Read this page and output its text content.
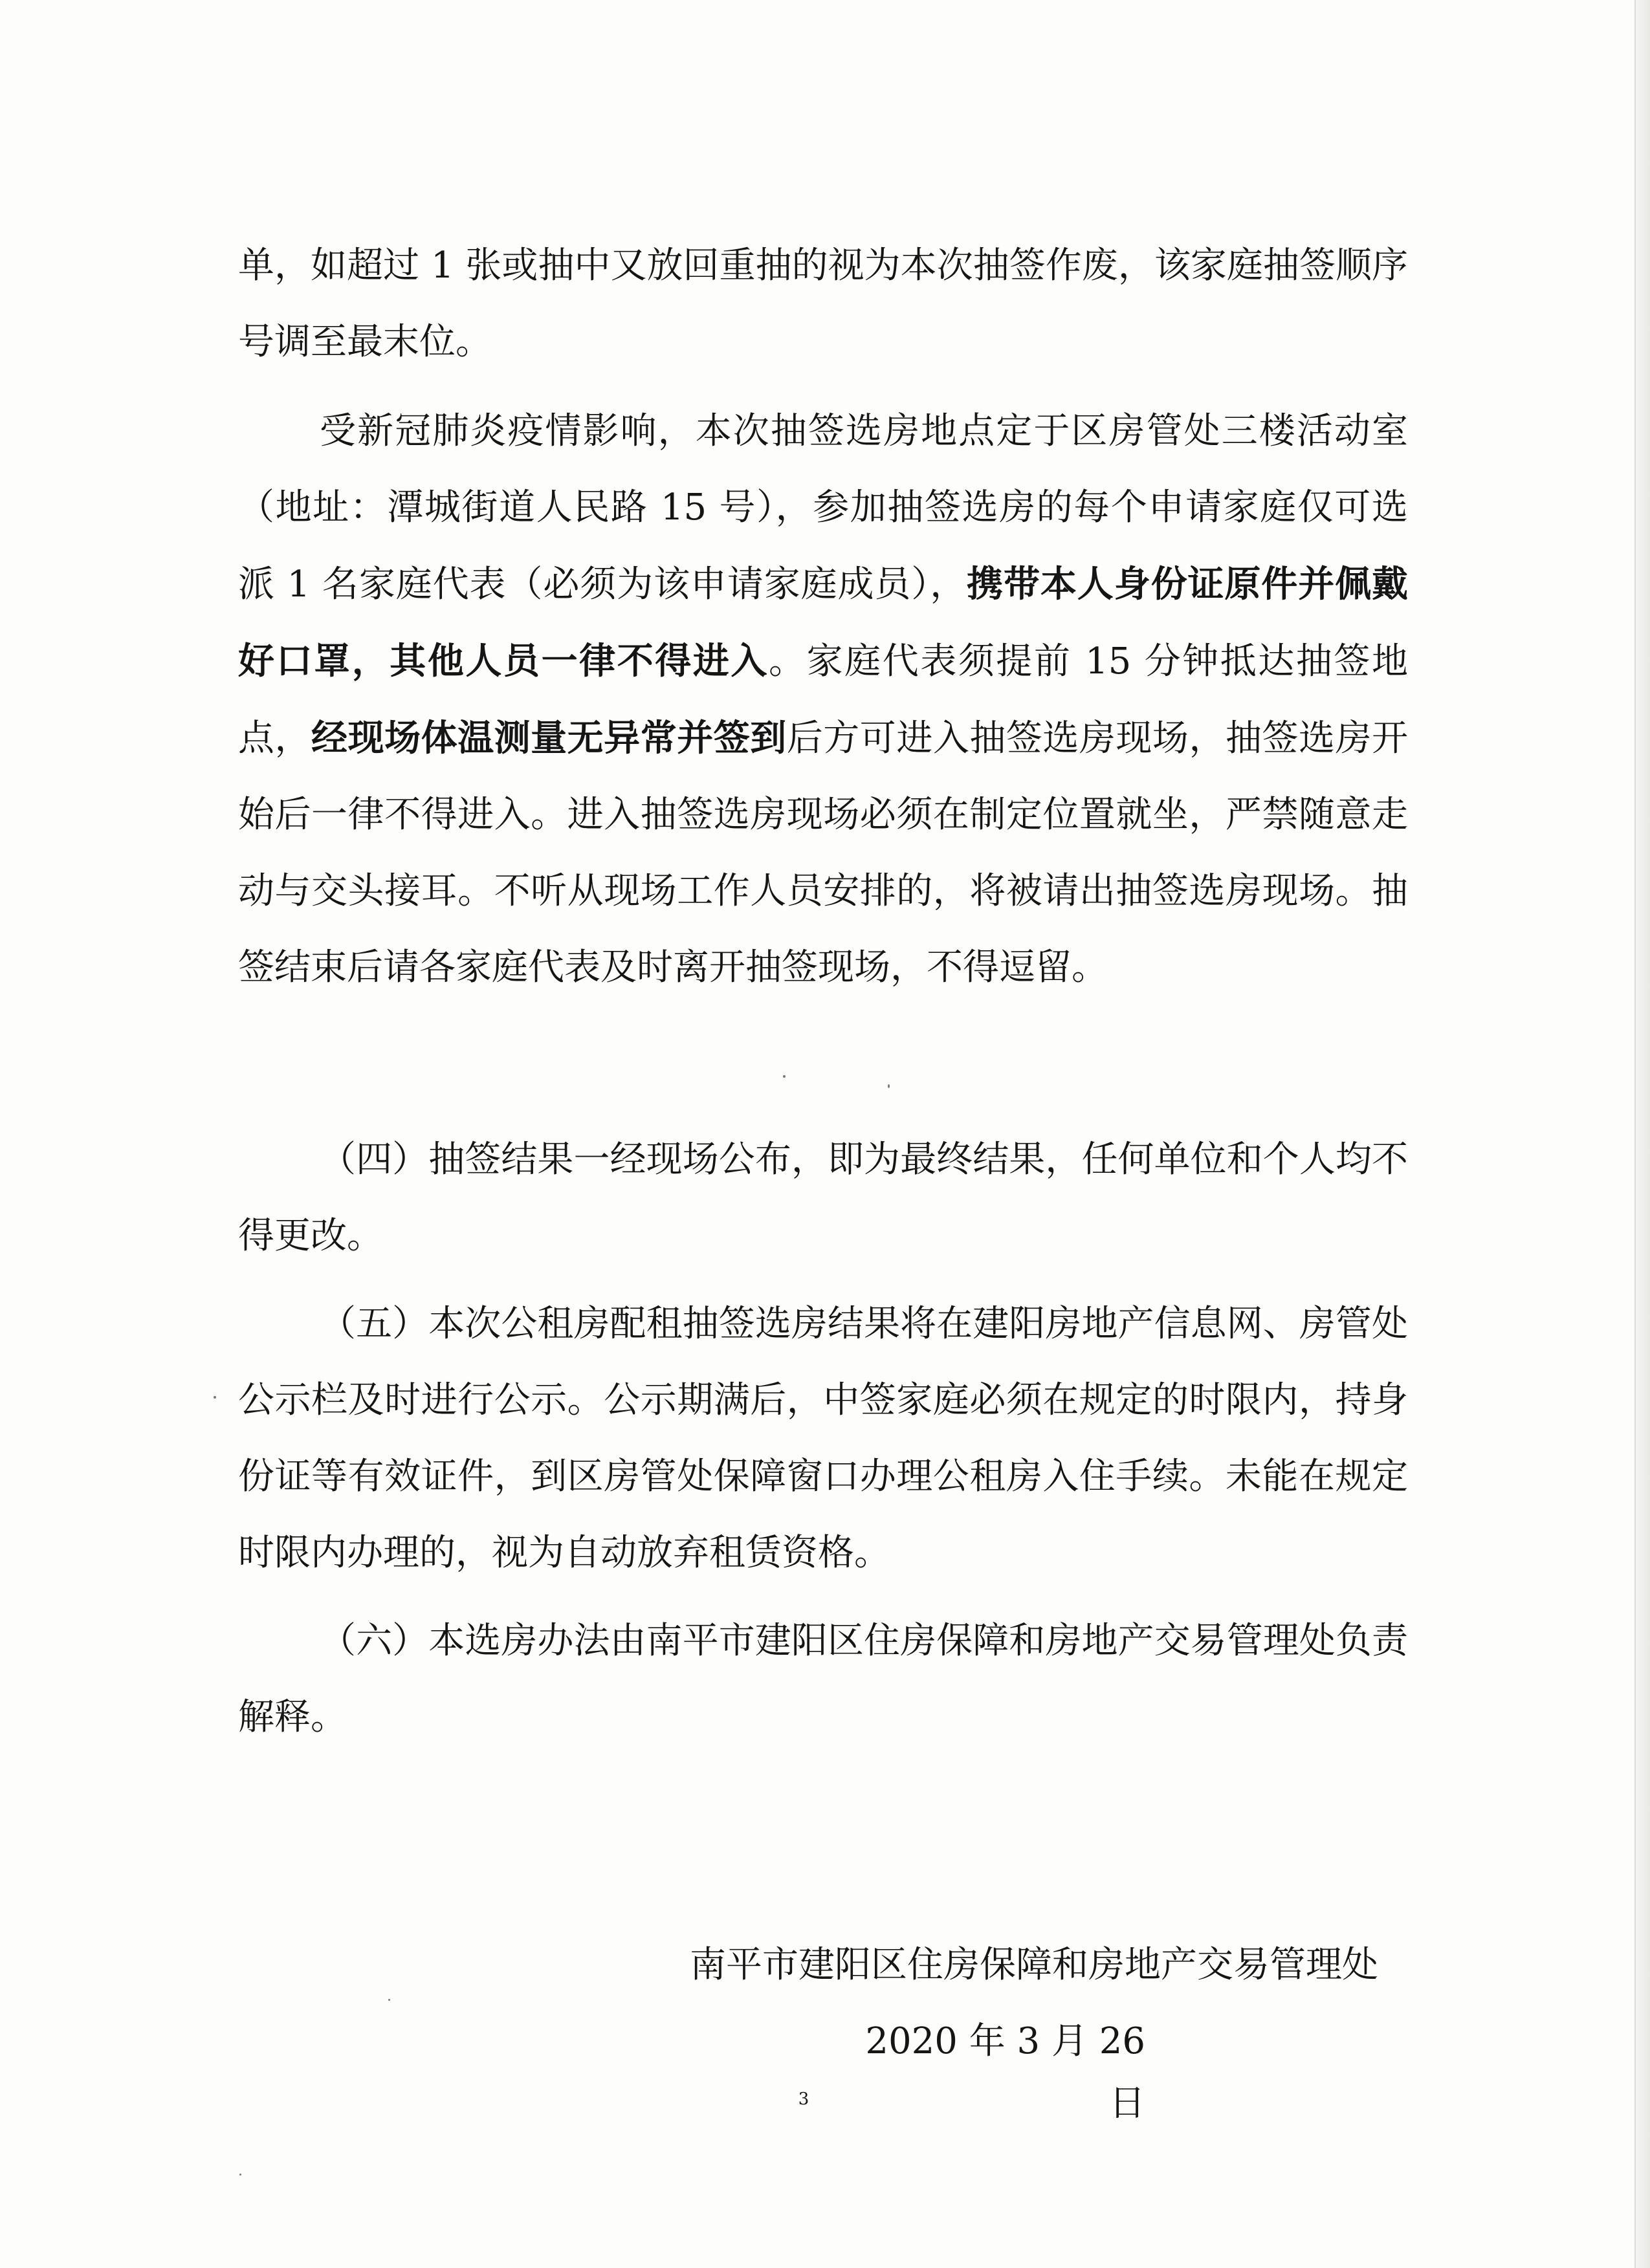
单，如超过 1 张或抽中又放回重抽的视为本次抽签作废，该家庭抽签顺序号调至最末位。

受新冠肺炎疫情影响，本次抽签选房地点定于区房管处三楼活动室（地址：潭城街道人民路 15 号），参加抽签选房的每个申请家庭仅可选派 1 名家庭代表（必须为该申请家庭成员），携带本人身份证原件并佩戴好口罩，其他人员一律不得进入。家庭代表须提前 15 分钟抵达抽签地点，经现场体温测量无异常并签到后方可进入抽签选房现场，抽签选房开始后一律不得进入。进入抽签选房现场必须在制定位置就坐，严禁随意走动与交头接耳。不听从现场工作人员安排的，将被请出抽签选房现场。抽签结束后请各家庭代表及时离开抽签现场，不得逗留。

（四）抽签结果一经现场公布，即为最终结果，任何单位和个人均不得更改。

（五）本次公租房配租抽签选房结果将在建阳房地产信息网、房管处公示栏及时进行公示。公示期满后，中签家庭必须在规定的时限内，持身份证等有效证件，到区房管处保障窗口办理公租房入住手续。未能在规定时限内办理的，视为自动放弃租赁资格。

（六）本选房办法由南平市建阳区住房保障和房地产交易管理处负责解释。

南平市建阳区住房保障和房地产交易管理处

2020 年 3 月 26 日

3
